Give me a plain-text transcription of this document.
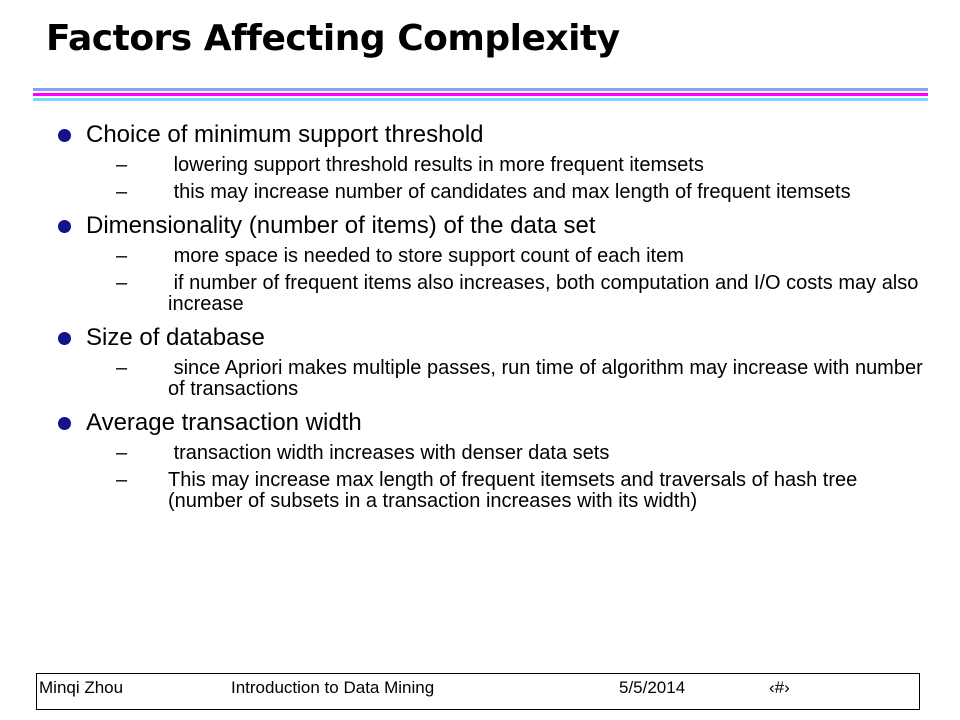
Factors Affecting Complexity
Choice of minimum support threshold
– lowering support threshold results in more frequent itemsets
– this may increase number of candidates and max length of frequent itemsets
Dimensionality (number of items) of the data set
– more space is needed to store support count of each item
– if number of frequent items also increases, both computation and I/O costs may also increase
Size of database
– since Apriori makes multiple passes, run time of algorithm may increase with number of transactions
Average transaction width
– transaction width increases with denser data sets
– This may increase max length of frequent itemsets and traversals of hash tree (number of subsets in a transaction increases with its width)
Minqi Zhou	Introduction to Data Mining	5/5/2014	‹#›
